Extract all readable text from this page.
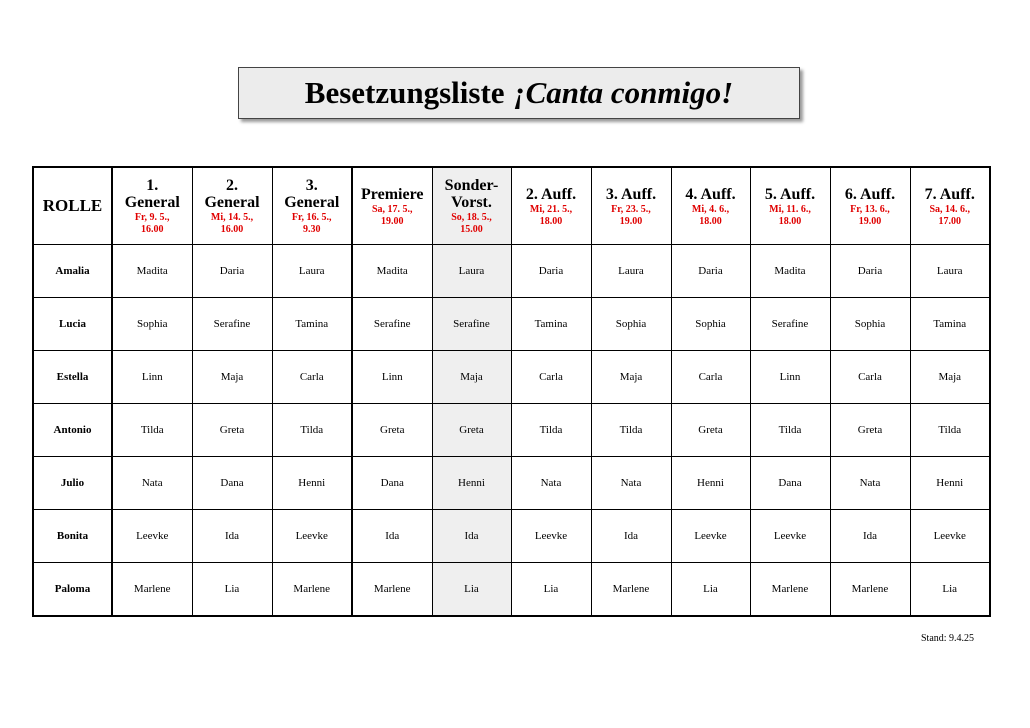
Besetzungsliste ¡Canta conmigo!
ROLLE	1.
General
Fr, 9. 5.,
16.00	2.
General
Mi, 14. 5.,
16.00	3.
General
Fr, 16. 5.,
9.30	Premiere
Sa, 17. 5.,
19.00	Sonder-
Vorst.
So, 18. 5.,
15.00	2. Auff.
Mi, 21. 5.,
18.00	3. Auff.
Fr, 23. 5.,
19.00	4. Auff.
Mi, 4. 6.,
18.00	5. Auff.
Mi, 11. 6.,
18.00	6. Auff.
Fr, 13. 6.,
19.00	7. Auff.
Sa, 14. 6.,
17.00

Amalia	Madita	Daria	Laura	Madita	Laura	Daria	Laura	Daria	Madita	Daria	Laura
Lucia	Sophia	Serafine	Tamina	Serafine	Serafine	Tamina	Sophia	Sophia	Serafine	Sophia	Tamina
Estella	Linn	Maja	Carla	Linn	Maja	Carla	Maja	Carla	Linn	Carla	Maja
Antonio	Tilda	Greta	Tilda	Greta	Greta	Tilda	Tilda	Greta	Tilda	Greta	Tilda
Julio	Nata	Dana	Henni	Dana	Henni	Nata	Nata	Henni	Dana	Nata	Henni
Bonita	Leevke	Ida	Leevke	Ida	Ida	Leevke	Ida	Leevke	Leevke	Ida	Leevke
Paloma	Marlene	Lia	Marlene	Marlene	Lia	Lia	Marlene	Lia	Marlene	Marlene	Lia
Stand: 9.4.25
